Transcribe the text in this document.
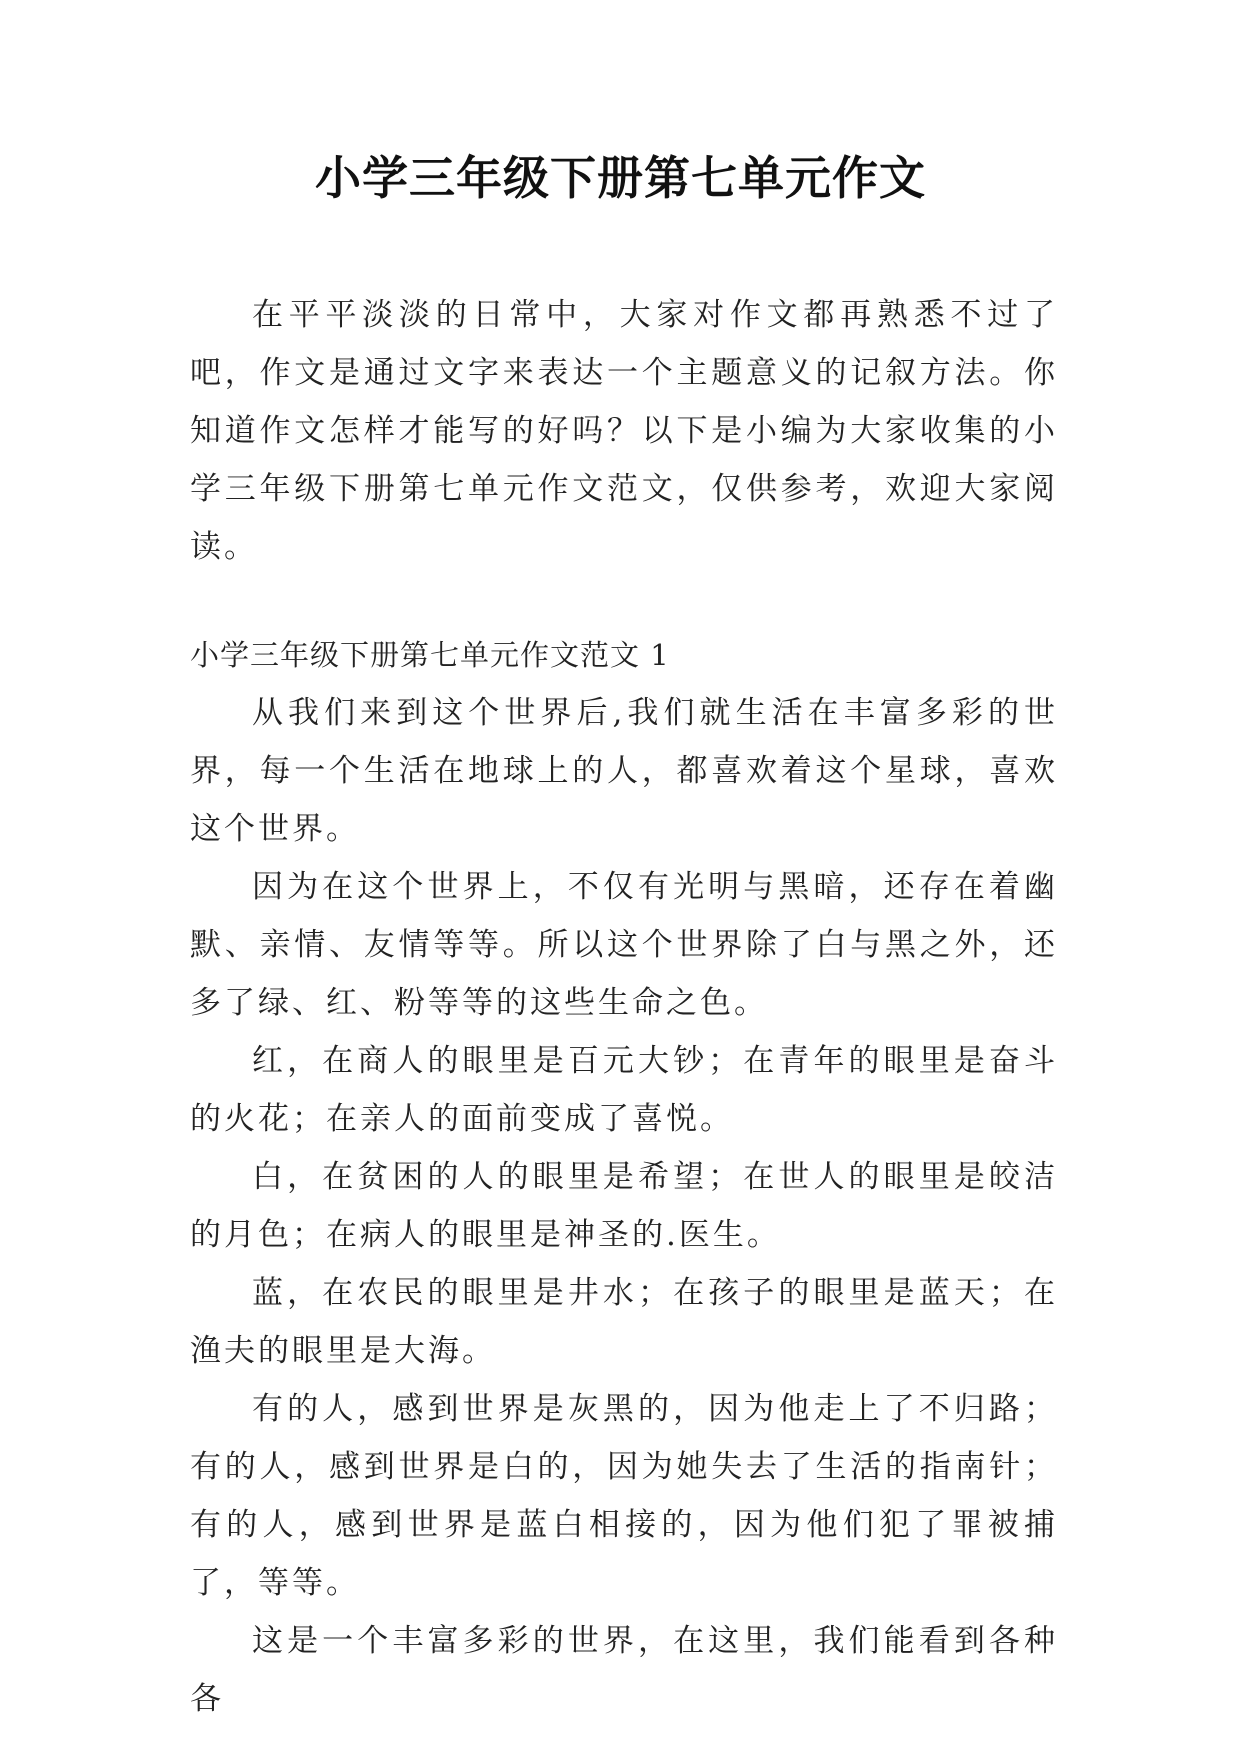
小学三年级下册第七单元作文

在平平淡淡的日常中，大家对作文都再熟悉不过了吧，作文是通过文字来表达一个主题意义的记叙方法。你知道作文怎样才能写的好吗？以下是小编为大家收集的小学三年级下册第七单元作文范文，仅供参考，欢迎大家阅读。

小学三年级下册第七单元作文范文 1

从我们来到这个世界后,我们就生活在丰富多彩的世界，每一个生活在地球上的人，都喜欢着这个星球，喜欢这个世界。

因为在这个世界上，不仅有光明与黑暗，还存在着幽默、亲情、友情等等。所以这个世界除了白与黑之外，还多了绿、红、粉等等的这些生命之色。

红，在商人的眼里是百元大钞；在青年的眼里是奋斗的火花；在亲人的面前变成了喜悦。

白，在贫困的人的眼里是希望；在世人的眼里是皎洁的月色；在病人的眼里是神圣的.医生。

蓝，在农民的眼里是井水；在孩子的眼里是蓝天；在渔夫的眼里是大海。

有的人，感到世界是灰黑的，因为他走上了不归路；有的人，感到世界是白的，因为她失去了生活的指南针；有的人，感到世界是蓝白相接的，因为他们犯了罪被捕了，等等。

这是一个丰富多彩的世界，在这里，我们能看到各种各
